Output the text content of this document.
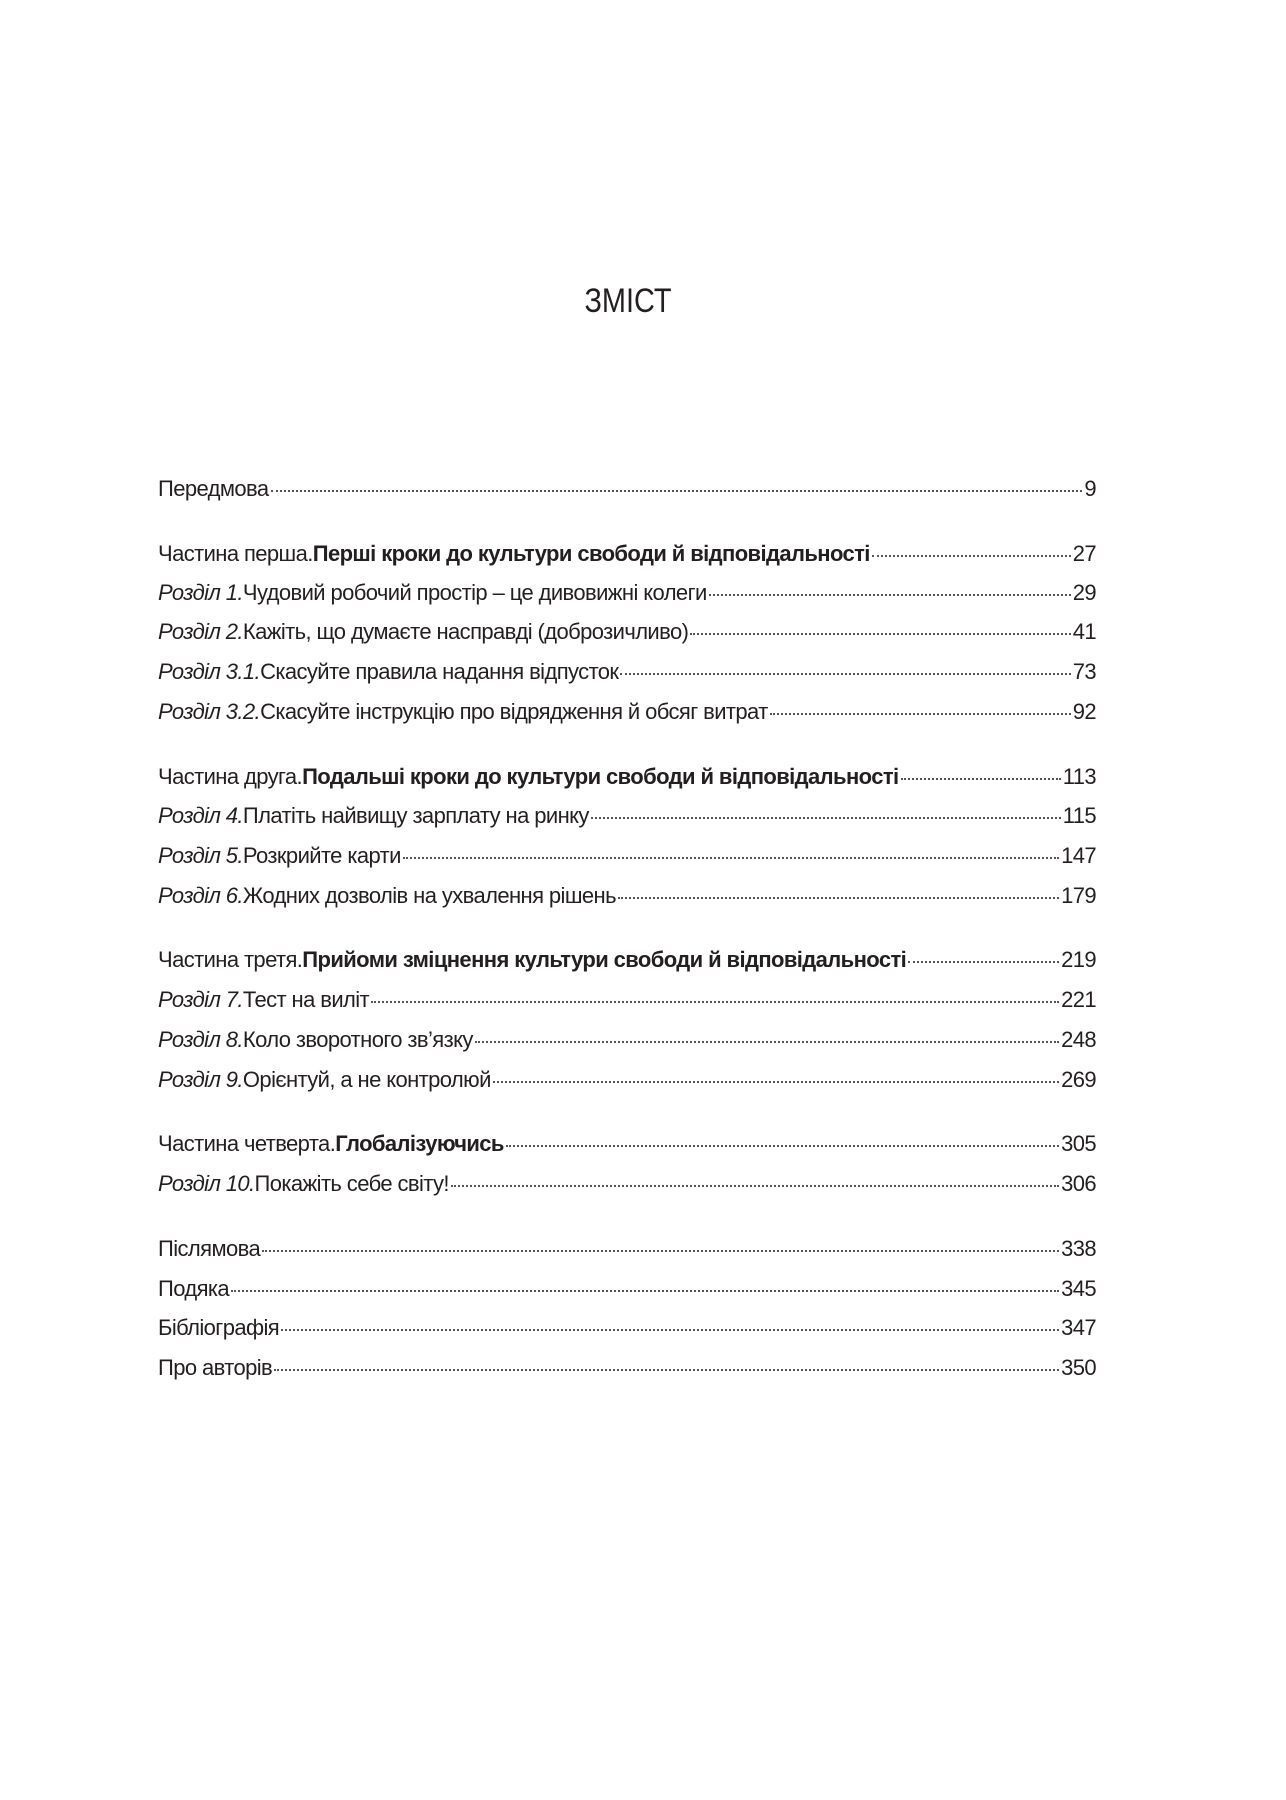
ЗМІСТ
Передмова	9
Частина перша. Перші кроки до культури свободи й відповідальності	27
Розділ 1. Чудовий робочий простір – це дивовижні колеги	29
Розділ 2. Кажіть, що думаєте насправді (доброзичливо)	41
Розділ 3.1. Скасуйте правила надання відпусток	73
Розділ 3.2. Скасуйте інструкцію про відрядження й обсяг витрат	92
Частина друга. Подальші кроки до культури свободи й відповідальності	113
Розділ 4. Платіть найвищу зарплату на ринку	115
Розділ 5. Розкрийте карти	147
Розділ 6. Жодних дозволів на ухвалення рішень	179
Частина третя. Прийоми зміцнення культури свободи й відповідальності	219
Розділ 7. Тест на виліт	221
Розділ 8. Коло зворотного зв’язку	248
Розділ 9. Орієнтуй, а не контролюй	269
Частина четверта. Глобалізуючись	305
Розділ 10. Покажіть себе світу!	306
Післямова	338
Подяка	345
Бібліографія	347
Про авторів	350
